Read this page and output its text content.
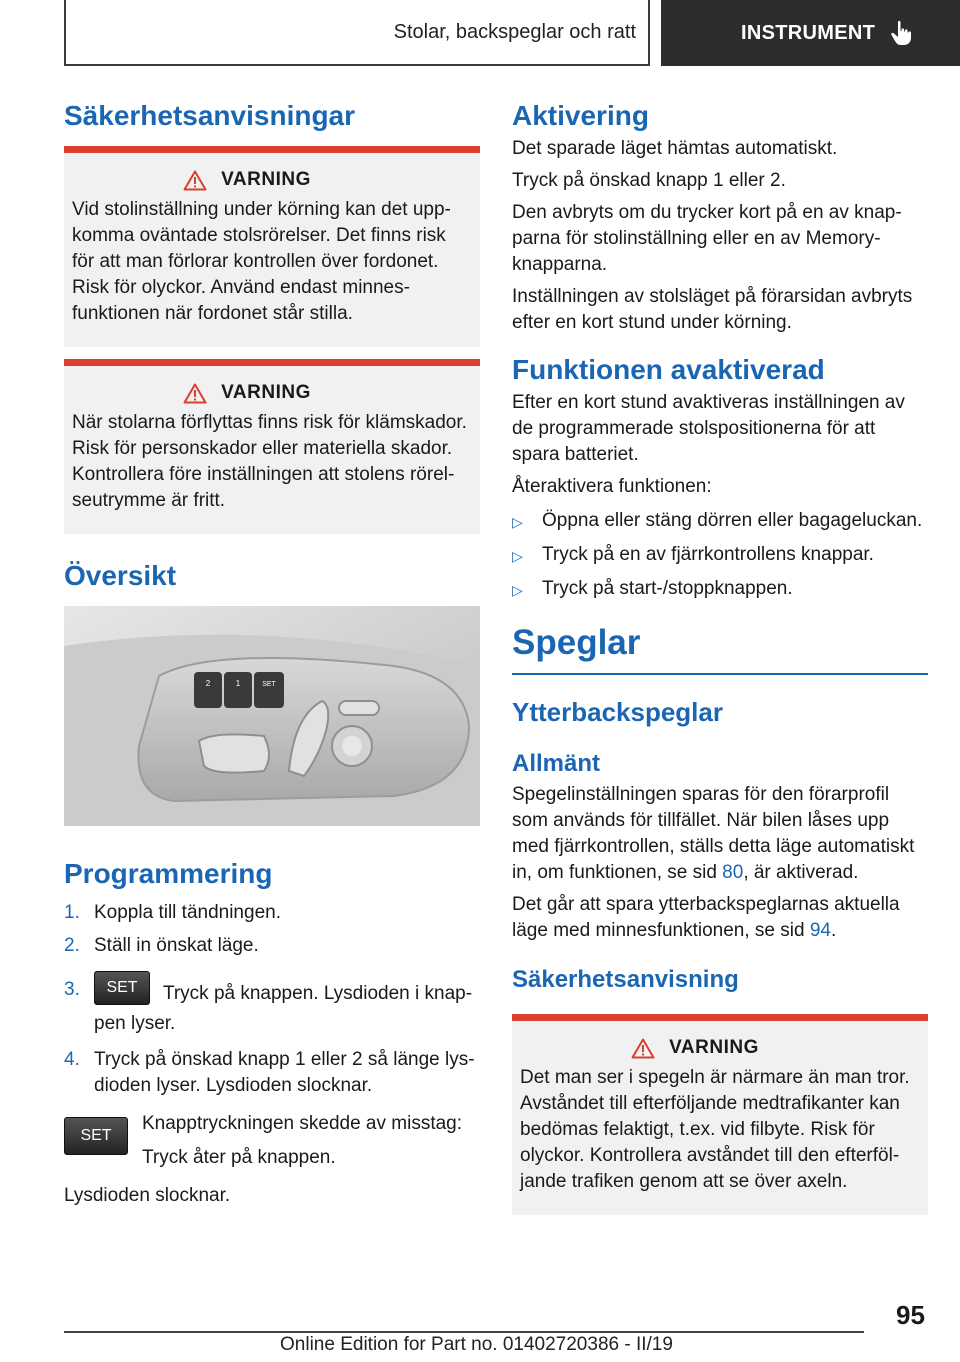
Stolar, backspeglar och ratt	INSTRUMENT
Säkerhetsanvisningar
VARNING

Vid stolinställning under körning kan det uppkomma oväntade stolsrörelser. Det finns risk för att man förlorar kontrollen över fordonet. Risk för olyckor. Använd endast minnes-funktionen när fordonet står stilla.

VARNING

När stolarna förflyttas finns risk för klämskador. Risk för personskador eller materiella skador. Kontrollera före inställningen att stolens rörelseutrymme är fritt.

Översikt
2	1	SET
Programmering
1. Koppla till tändningen.
2. Ställ in önskat läge.
3.	SET Tryck på knappen. Lysdioden i knappen lyser.
4. Tryck på önskad knapp 1 eller 2 så länge lysdioden lyser. Lysdioden slocknar.
SET

Knapptryckningen skedde av misstag:

Tryck åter på knappen.

Lysdioden slocknar.

Aktivering

Det sparade läget hämtas automatiskt.

Tryck på önskad knapp 1 eller 2.

Den avbryts om du trycker kort på en av knapparna för stolinställning eller en av Memory-knapparna.

Inställningen av stolsläget på förarsidan avbryts efter en kort stund under körning.

Funktionen avaktiverad

Efter en kort stund avaktiveras inställningen av de programmerade stolspositionerna för att spara batteriet.

Återaktivera funktionen:

▷	Öppna eller stäng dörren eller bagageluckan.
▷	Tryck på en av fjärrkontrollens knappar.
▷	Tryck på start-/stoppknappen.
Speglar
Ytterbackspeglar
Allmänt

Spegelinställningen sparas för den förarprofil som används för tillfället. När bilen låses upp med fjärrkontrollen, ställs detta läge automatiskt in, om funktionen, se sid 80, är aktiverad.

Det går att spara ytterbackspeglarnas aktuella läge med minnesfunktionen, se sid 94.

Säkerhetsanvisning
VARNING

Det man ser i spegeln är närmare än man tror. Avståndet till efterföljande medtrafikanter kan bedömas felaktigt, t.ex. vid filbyte. Risk för olyckor. Kontrollera avståndet till den efterföljande trafiken genom att se över axeln.

95
Online Edition for Part no. 01402720386 - II/19
